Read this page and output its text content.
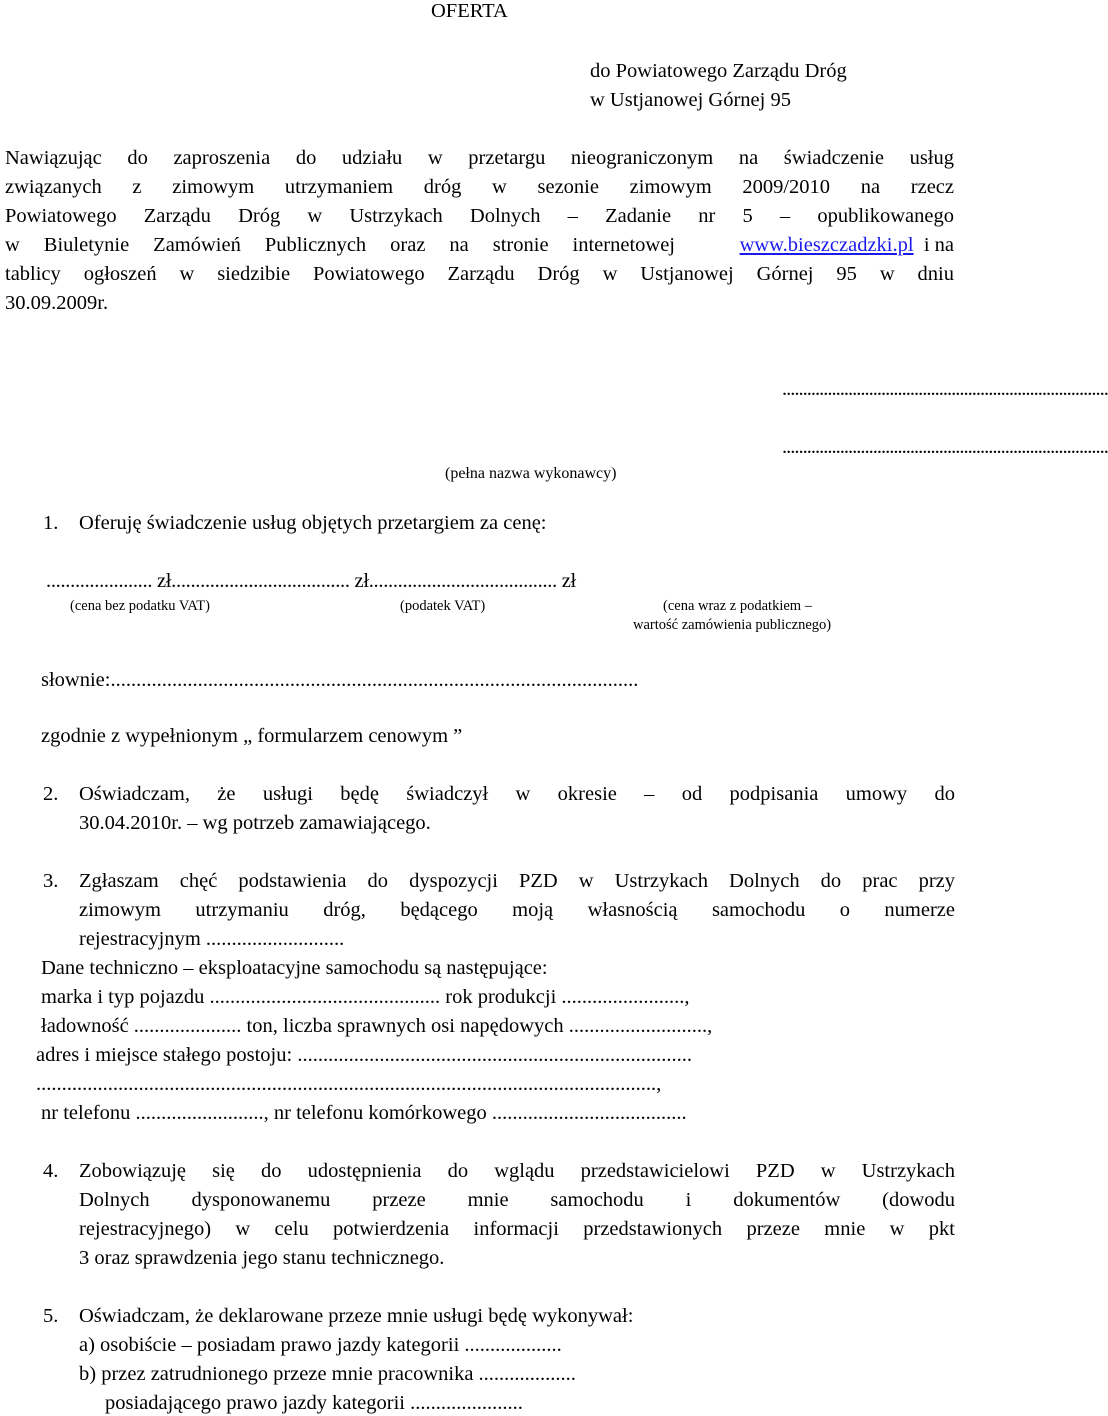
OFERTA
do Powiatowego Zarządu Dróg
w Ustjanowej Górnej 95
Nawiązując do zaproszenia do udziału w przetargu nieograniczonym na świadczenie usług
związanych z zimowym utrzymaniem dróg w sezonie zimowym 2009/2010 na rzecz
Powiatowego Zarządu Dróg w Ustrzykach Dolnych – Zadanie nr 5 – opublikowanego
w Biuletynie Zamówień Publicznych oraz na stronie internetowej	www.bieszczadzki.pl i na
tablicy ogłoszeń w siedzibie Powiatowego Zarządu Dróg w Ustjanowej Górnej 95 w dniu
30.09.2009r.
...............................................................................
...............................................................................
(pełna nazwa wykonawcy)
1. Oferuję świadczenie usług objętych przetargiem za cenę:
...................... zł..................................... zł....................................... zł
(cena bez podatku VAT)	(podatek VAT)	(cena wraz z podatkiem –
wartość zamówienia publicznego)
słownie:.......................................................................................................
zgodnie z wypełnionym „ formularzem cenowym ”
2. Oświadczam, że usługi będę świadczył w okresie – od podpisania umowy do
30.04.2010r. – wg potrzeb zamawiającego.
3. Zgłaszam chęć podstawienia do dyspozycji PZD w Ustrzykach Dolnych do prac przy
zimowym utrzymaniu dróg, będącego moją własnością samochodu o numerze
rejestracyjnym ...........................
Dane techniczno – eksploatacyjne samochodu są następujące:
marka i typ pojazdu ............................................. rok produkcji ........................,
ładowność ..................... ton, liczba sprawnych osi napędowych ...........................,
adres i miejsce stałego postoju: .............................................................................
.........................................................................................................................,
nr telefonu ........................., nr telefonu komórkowego ......................................
4. Zobowiązuję się do udostępnienia do wglądu przedstawicielowi PZD w Ustrzykach
Dolnych dysponowanemu przeze mnie samochodu i dokumentów (dowodu
rejestracyjnego) w celu potwierdzenia informacji przedstawionych przeze mnie w pkt
3 oraz sprawdzenia jego stanu technicznego.
5. Oświadczam, że deklarowane przeze mnie usługi będę wykonywał:
a) osobiście – posiadam prawo jazdy kategorii ...................
b) przez zatrudnionego przeze mnie pracownika ...................
posiadającego prawo jazdy kategorii ......................
